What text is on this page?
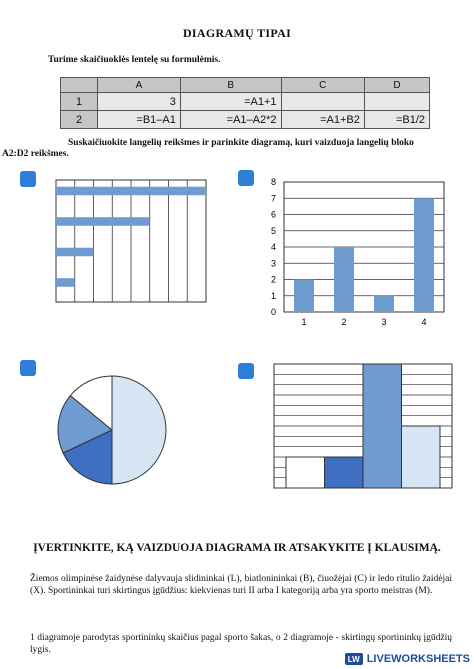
DIAGRAMŲ TIPAI
Turime skaičiuoklės lentelę su formulėmis.
	A	B	C	D
1	3	=A1+1		
2	=B1–A1	=A1–A2*2	=A1+B2	=B1/2
Suskaičiuokite langelių reikšmes ir parinkite diagramą, kuri vaizduoja langelių bloko
A2:D2 reikšmes.
0
1
2
3
4
5
6
7
8
1	2	3	4
ĮVERTINKITE, KĄ VAIZDUOJA DIAGRAMA IR ATSAKYKITE Į KLAUSIMĄ.
Žiemos olimpinėse žaidynėse dalyvauja slidininkai (L), biatlonininkai (B), čiuožėjai (C) ir ledo ritulio žaidėjai (X). Sportininkai turi skirtingus įgūdžius: kiekvienas turi II arba I kategoriją arba yra sporto meistras (M).
1 diagramoje parodytas sportininkų skaičius pagal sporto šakas, o 2 diagramoje - skirtingų sportininkų įgūdžių lygis.
LW LIVEWORKSHEETS
